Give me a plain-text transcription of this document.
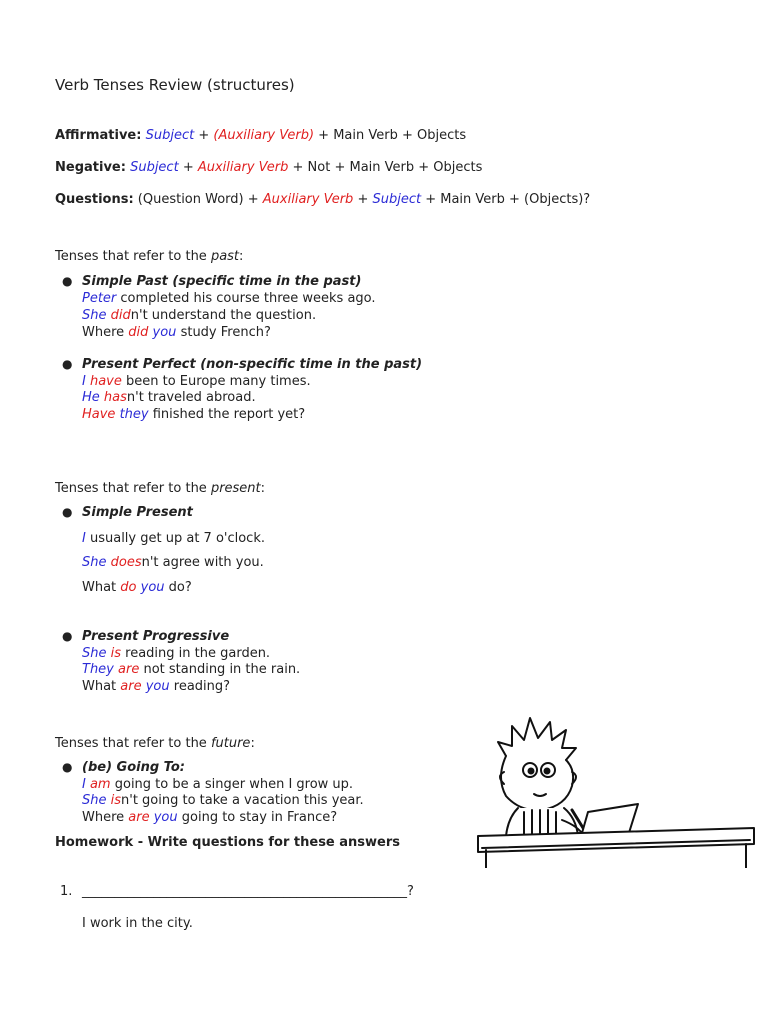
Verb Tenses Review (structures)
Affirmative: Subject + (Auxiliary Verb) + Main Verb + Objects
Negative: Subject + Auxiliary Verb + Not + Main Verb + Objects
Questions: (Question Word) + Auxiliary Verb + Subject + Main Verb + (Objects)?
Tenses that refer to the past:
● Simple Past (specific time in the past)
Peter completed his course three weeks ago.
She didn't understand the question.
Where did you study French?
● Present Perfect (non-specific time in the past)
I have been to Europe many times.
He hasn't traveled abroad.
Have they finished the report yet?
Tenses that refer to the present:
● Simple Present
I usually get up at 7 o'clock.
She doesn't agree with you.
What do you do?
● Present Progressive
She is reading in the garden.
They are not standing in the rain.
What are you reading?
Tenses that refer to the future:
● (be) Going To:
I am going to be a singer when I grow up.
She isn't going to take a vacation this year.
Where are you going to stay in France?
Homework - Write questions for these answers
1. __________________________________________________?
I work in the city.
